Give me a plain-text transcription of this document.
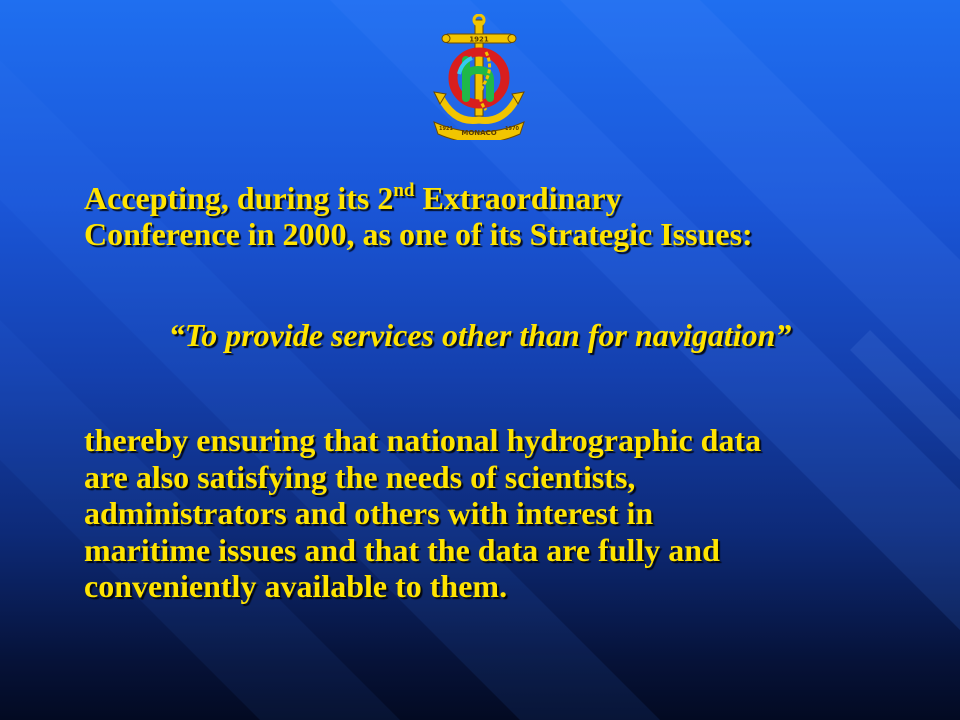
1921
MONACO
1921	1970

Accepting, during its 2nd Extraordinary
Conference in 2000, as one of its Strategic Issues:

“To provide services other than for navigation”

thereby ensuring that national hydrographic data
are also satisfying the needs of scientists,
administrators and others with interest in
maritime issues and that the data are fully and
conveniently available to them.
